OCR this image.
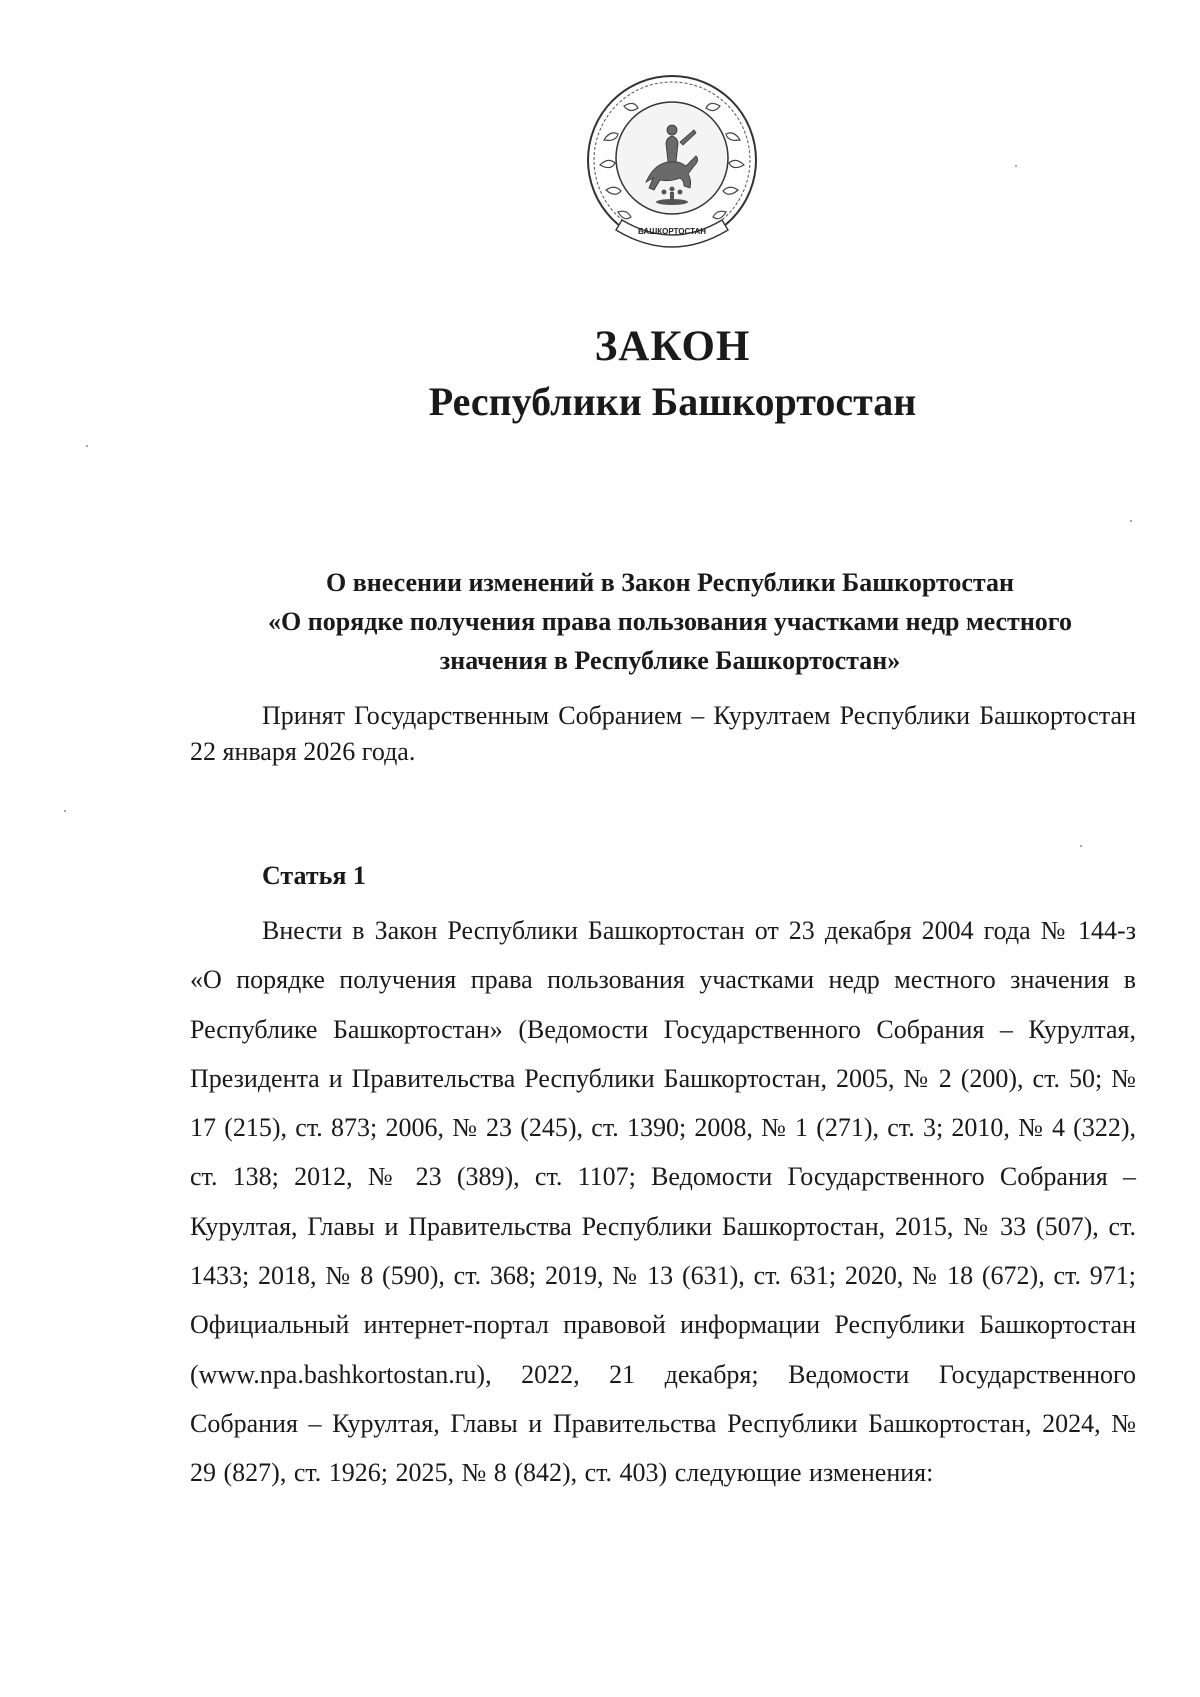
БАШКОРТОСТАН
ЗАКОН
Республики Башкортостан
О внесении изменений в Закон Республики Башкортостан
«О порядке получения права пользования участками недр местного
значения в Республике Башкортостан»

Принят Государственным Собранием – Курултаем Республики Башкортостан 22 января 2026 года.

Статья 1

Внести в Закон Республики Башкортостан от 23 декабря 2004 года № 144-з «О порядке получения права пользования участками недр местного значения в Республике Башкортостан» (Ведомости Государственного Собрания – Курултая, Президента и Правительства Республики Башкортостан, 2005, № 2 (200), ст. 50; № 17 (215), ст. 873; 2006, № 23 (245), ст. 1390; 2008, № 1 (271), ст. 3; 2010, № 4 (322), ст. 138; 2012, № 23 (389), ст. 1107; Ведомости Государственного Собрания – Курултая, Главы и Правительства Республики Башкортостан, 2015, № 33 (507), ст. 1433; 2018, № 8 (590), ст. 368; 2019, № 13 (631), ст. 631; 2020, № 18 (672), ст. 971; Официальный интернет-портал правовой информации Республики Башкортостан (www.npa.bashkortostan.ru), 2022, 21 декабря; Ведомости Государственного Собрания – Курултая, Главы и Правительства Республики Башкортостан, 2024, № 29 (827), ст. 1926; 2025, № 8 (842), ст. 403) следующие изменения:
